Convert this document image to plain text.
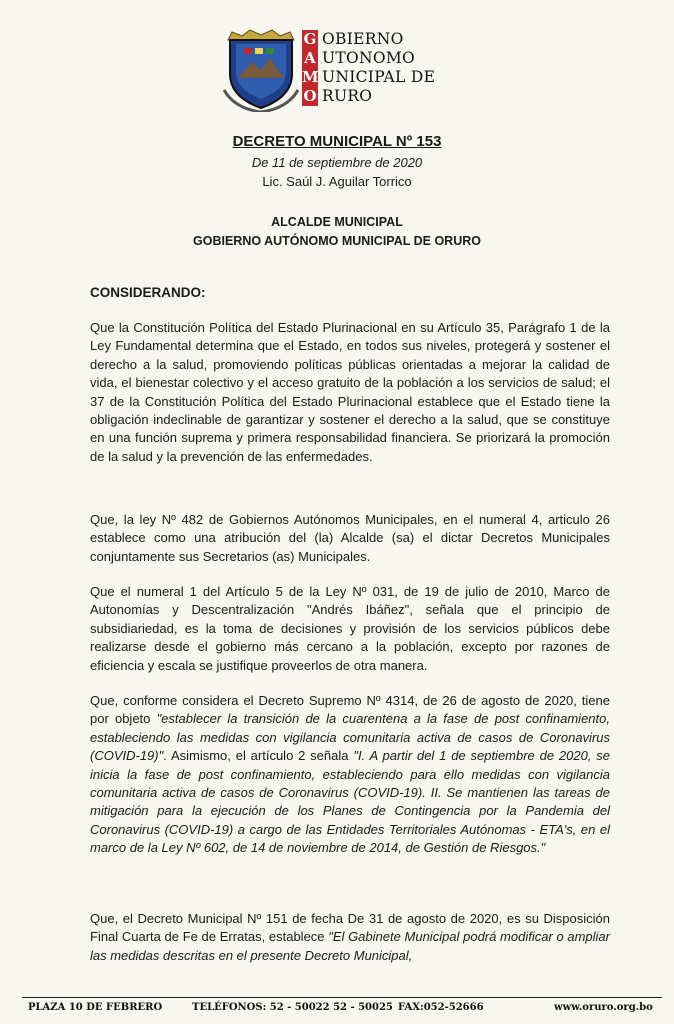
G
A
M
O
OBIERNO
UTONOMO
UNICIPAL DE
RURO
DECRETO MUNICIPAL Nº 153
De 11 de septiembre de 2020
Lic. Saúl J. Aguilar Torrico
ALCALDE MUNICIPAL
GOBIERNO AUTÓNOMO MUNICIPAL DE ORURO
CONSIDERANDO:
Que la Constitución Política del Estado Plurinacional en su Artículo 35, Parágrafo 1 de la Ley Fundamental determina que el Estado, en todos sus niveles, protegerá y sostener el derecho a la salud, promoviendo políticas públicas orientadas a mejorar la calidad de vida, el bienestar colectivo y el acceso gratuito de la población a los servicios de salud; el 37 de la Constitución Política del Estado Plurinacional establece que el Estado tiene la obligación indeclinable de garantizar y sostener el derecho a la salud, que se constituye en una función suprema y primera responsabilidad financiera. Se priorizará la promoción de la salud y la prevención de las enfermedades.
Que, la ley Nº 482 de Gobiernos Autónomos Municipales, en el numeral 4, articulo 26 establece como una atribución del (la) Alcalde (sa) el dictar Decretos Municipales conjuntamente sus Secretarios (as) Municipales.
Que el numeral 1 del Artículo 5 de la Ley Nº 031, de 19 de julio de 2010, Marco de Autonomías y Descentralización "Andrés Ibáñez", señala que el principio de subsidiariedad, es la toma de decisiones y provisión de los servicios públicos debe realizarse desde el gobierno más cercano a la población, excepto por razones de eficiencia y escala se justifique proveerlos de otra manera.
Que, conforme considera el Decreto Supremo Nº 4314, de 26 de agosto de 2020, tiene por objeto "establecer la transición de la cuarentena a la fase de post confinamiento, estableciendo las medidas con vigilancia comunitaria activa de casos de Coronavirus (COVID-19)". Asimismo, el artículo 2 señala "I. A partir del 1 de septiembre de 2020, se inicia la fase de post confinamiento, estableciendo para ello medidas con vigilancia comunitaria activa de casos de Coronavirus (COVID-19). II. Se mantienen las tareas de mitigación para la ejecución de los Planes de Contingencia por la Pandemia del Coronavirus (COVID-19) a cargo de las Entidades Territoriales Autónomas - ETA's, en el marco de la Ley Nº 602, de 14 de noviembre de 2014, de Gestión de Riesgos."
Que, el Decreto Municipal Nº 151 de fecha De 31 de agosto de 2020, es su Disposición Final Cuarta de Fe de Erratas, establece "El Gabinete Municipal podrá modificar o ampliar las medidas descritas en el presente Decreto Municipal,
PLAZA 10 DE FEBRERO	TELÉFONOS: 52 - 50022 52 - 50025 FAX:052-52666	www.oruro.org.bo
